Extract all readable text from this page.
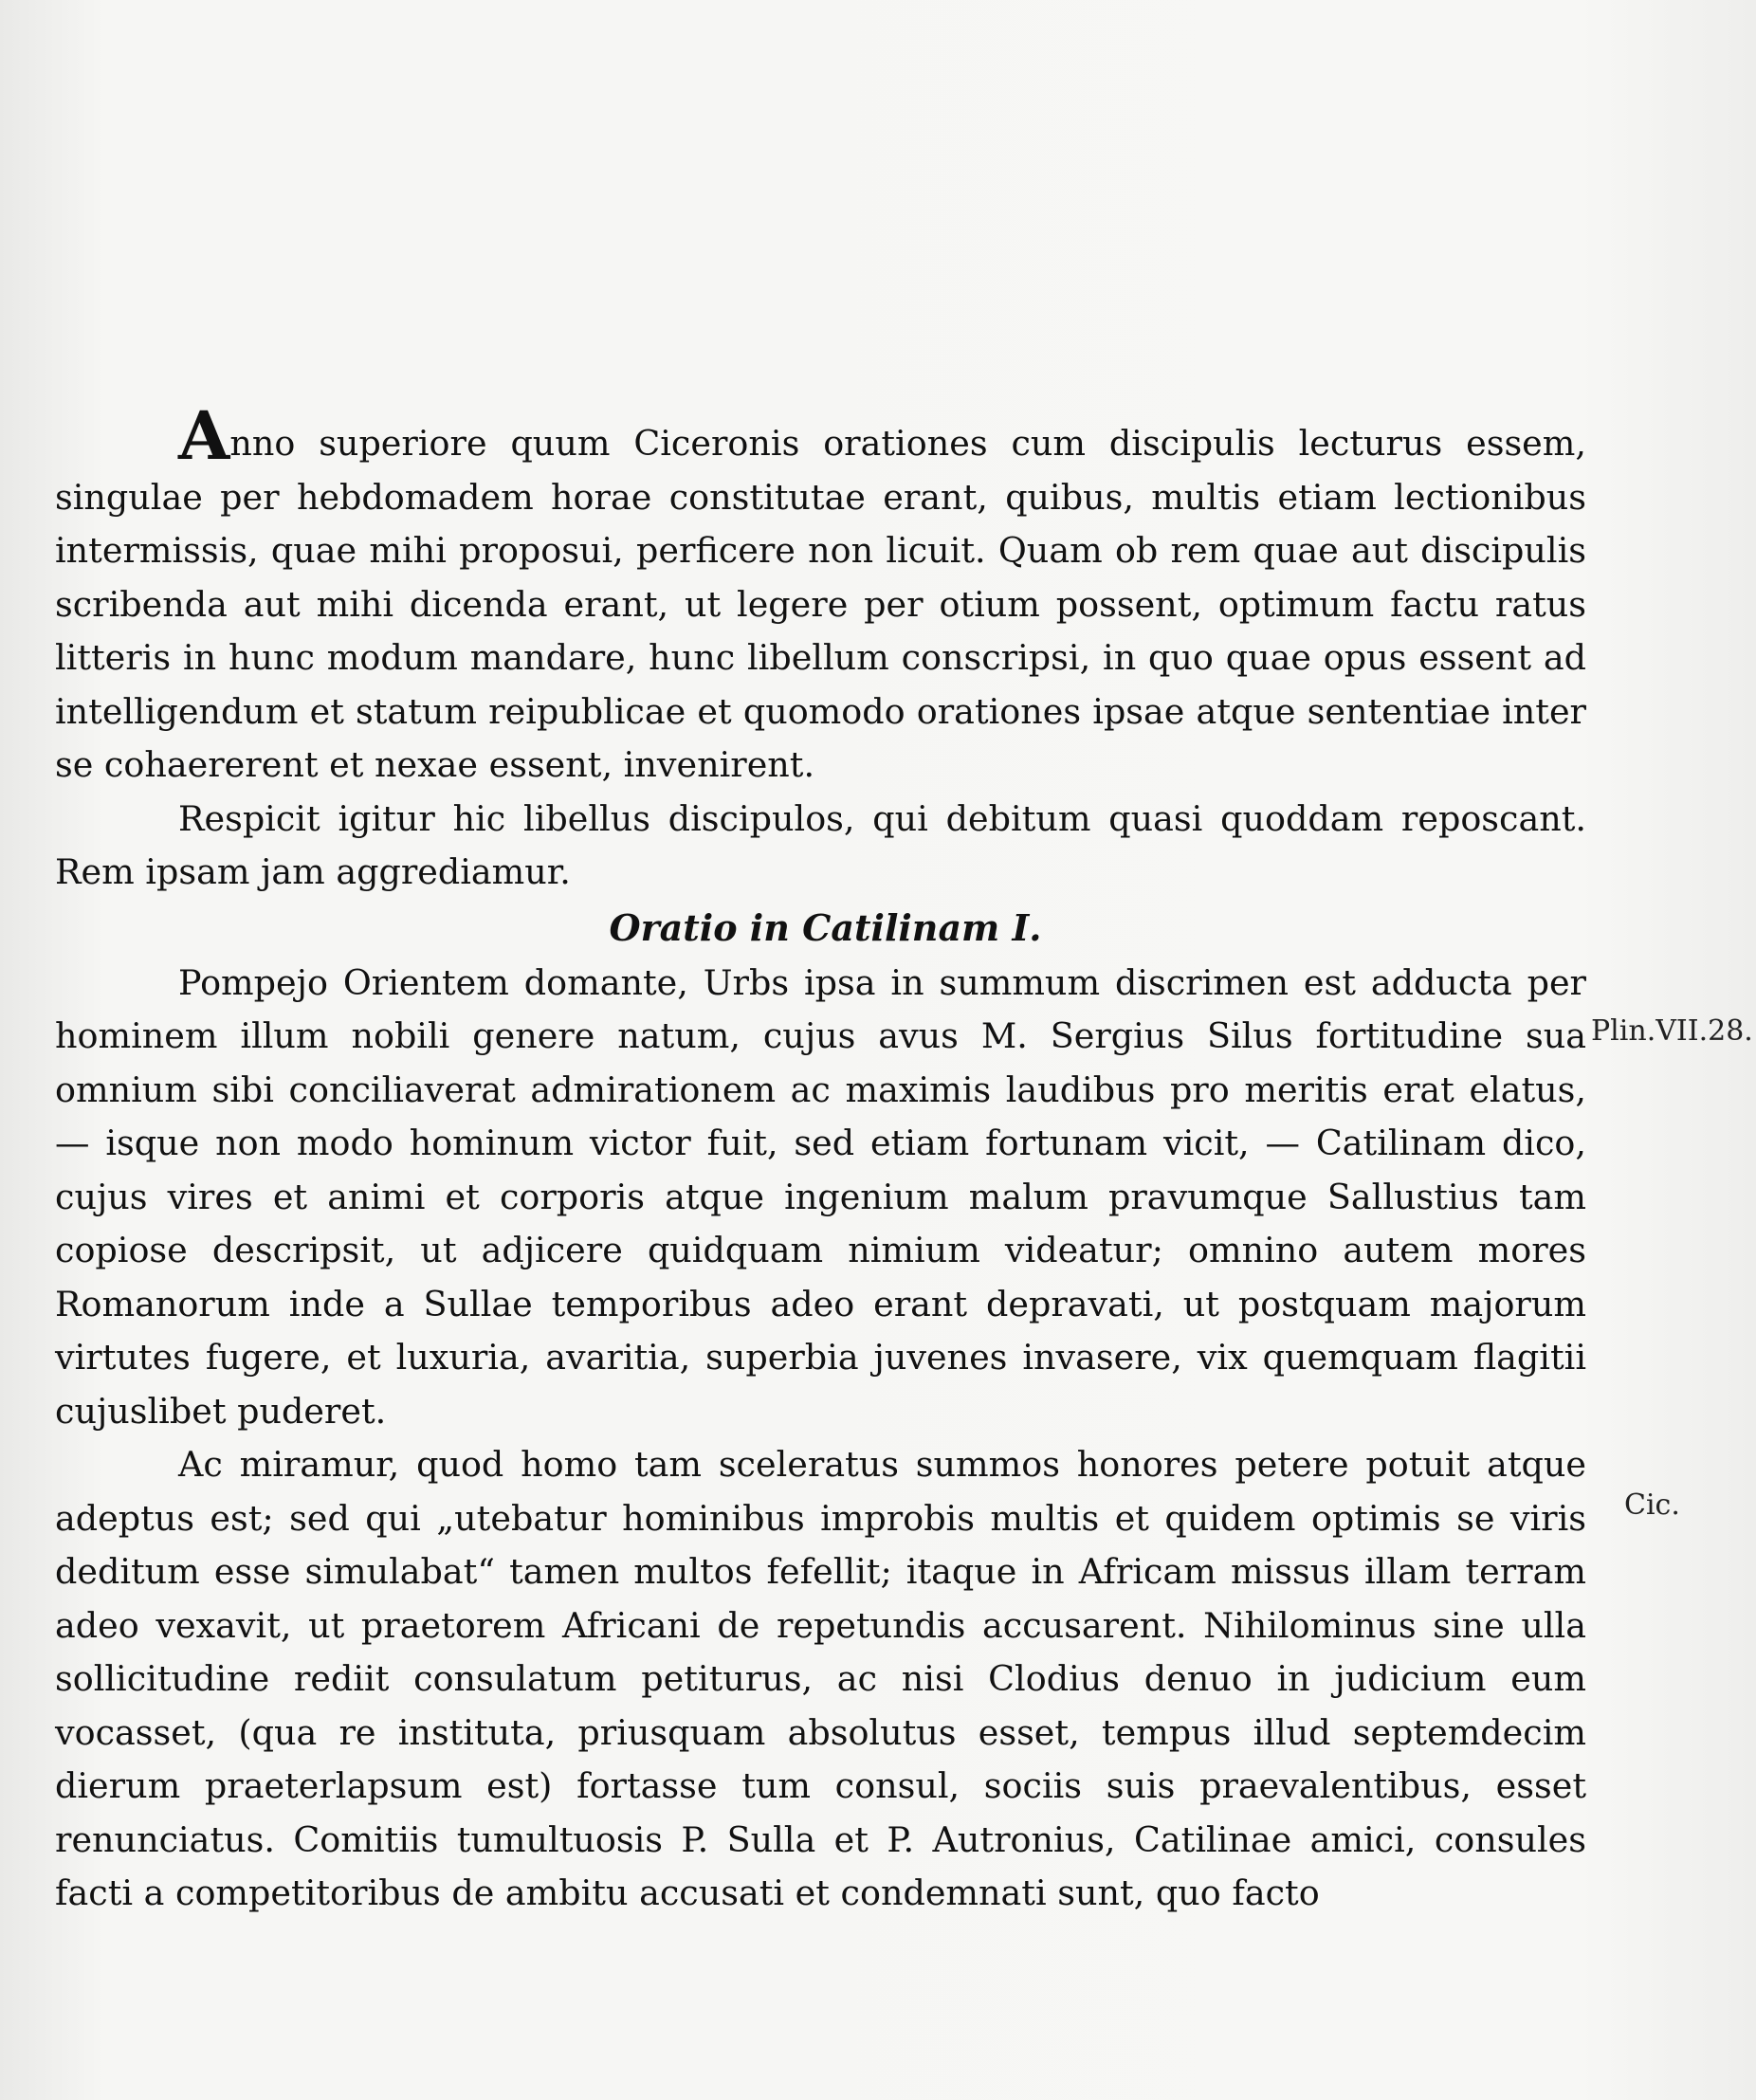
Anno superiore quum Ciceronis orationes cum discipulis lecturus essem, singulae per hebdomadem horae constitutae erant, quibus, multis etiam lectionibus intermissis, quae mihi proposui, perficere non licuit. Quam ob rem quae aut discipulis scribenda aut mihi dicenda erant, ut legere per otium possent, optimum factu ratus litteris in hunc modum mandare, hunc libellum conscripsi, in quo quae opus essent ad intelligendum et statum reipublicae et quomodo orationes ipsae atque sententiae inter se cohaererent et nexae essent, invenirent.

Respicit igitur hic libellus discipulos, qui debitum quasi quoddam reposcant. Rem ipsam jam aggrediamur.

Oratio in Catilinam I.

Pompejo Orientem domante, Urbs ipsa in summum discrimen est adducta per hominem illum nobili genere natum, cujus avus M. Sergius Silus fortitudine sua omnium sibi conciliaverat admirationem ac maximis laudibus pro meritis erat elatus, — isque non modo hominum victor fuit, sed etiam fortunam vicit, — Catilinam dico, cujus vires et animi et corporis atque ingenium malum pravumque Sallustius tam copiose descripsit, ut adjicere quidquam nimium videatur; omnino autem mores Romanorum inde a Sullae temporibus adeo erant depravati, ut postquam majorum virtutes fugere, et luxuria, avaritia, superbia juvenes invasere, vix quemquam flagitii cujuslibet puderet.

Ac miramur, quod homo tam sceleratus summos honores petere potuit atque adeptus est; sed qui „utebatur hominibus improbis multis et quidem optimis se viris deditum esse simulabat“ tamen multos fefellit; itaque in Africam missus illam terram adeo vexavit, ut praetorem Africani de repetundis accusarent. Nihilominus sine ulla sollicitudine rediit consulatum petiturus, ac nisi Clodius denuo in judicium eum vocasset, (qua re instituta, priusquam absolutus esset, tempus illud septemdecim dierum praeterlapsum est) fortasse tum consul, sociis suis praevalentibus, esset renunciatus. Comitiis tumultuosis P. Sulla et P. Autronius, Catilinae amici, consules facti a competitoribus de ambitu accusati et condemnati sunt, quo facto

Plin.VII.28.
Cic.
